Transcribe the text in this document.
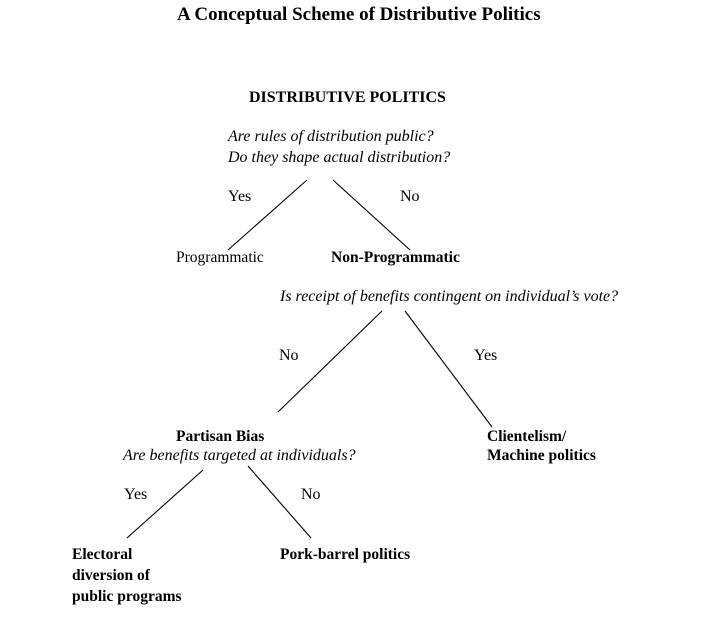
A Conceptual Scheme of Distributive Politics
DISTRIBUTIVE POLITICS
Are rules of distribution public?
Do they shape actual distribution?
Yes	No
Programmatic	Non-Programmatic
Is receipt of benefits contingent on individual’s vote?
No	Yes
Partisan Bias
Are benefits targeted at individuals?
Clientelism/
Machine politics
Yes	No
Electoral
diversion of
public programs
Pork-barrel politics
